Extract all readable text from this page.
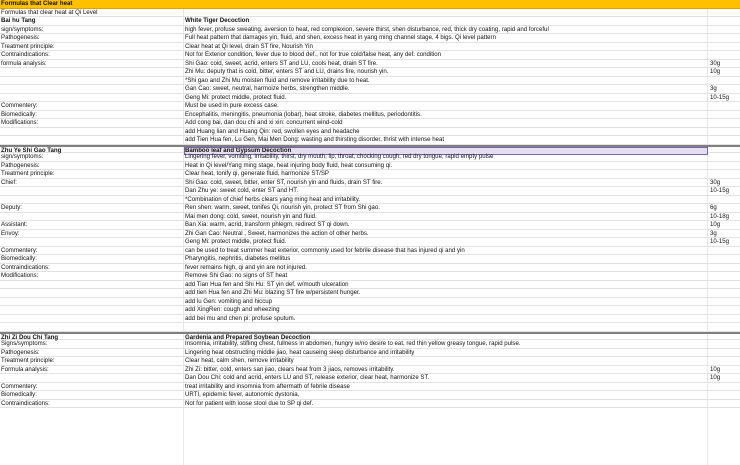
Formulas that Clear heat
Formulas that clear heat at Qi Level
Bai hu Tang	White Tiger Decoction
sign/symptoms:	high fever, profuse sweating, aversion to heat, red complexion, severe thirst, shen disturbance, red, thick dry coating, rapid and forceful
Pathogenesis:	Full heat pattern that damages yin, fluid, and shen, excess heat in yang ming channel stage, 4 bigs. Qi level pattern
Treatment principle:	Clear heat at Qi level, drain ST fire, Nourish Yin
Contraindications:	Not for Exterior condition, fever due to blood def., not for true cold/false heat, any def. condition
formula analysis:	Shi Gao: cold, sweet, acrid, enters ST and LU, cools heat, drain ST fire.	30g
Zhi Mu: deputy that is cold, bitter, enters ST and LU, drains fire, nourish yin.	10g
*Shi gao and Zhi Mu moisten fluid and remove irritability due to heat.
Gan Cao: sweet, neutral, harmoize herbs, strengthen middle.	3g
Geng Mi: protect middle, protect fluid.	10-15g
Commentery:	Must be used in pure excess case.
Biomedically:	Encephalitis, meningitis, pneumonia (lobar), heat stroke, diabetes mellitus, periodontitis.
Modifications:	Add cong bai, dan dou chi and xi xin: concurrent wind-cold
add Huang lian and Huang Qin: red, swollen eyes and headache
add Tien Hua fen, Lu Gen, Mai Men Dong: wasting and thirsting disorder, thrist with intense heat
Zhu Ye Shi Gao Tang	Bamboo leaf and Gypsum Decoction
sign/symptoms:	Lingering fever, vomiting, irritability, thirst, dry mouth, lip, throat, chocking cough, red dry tongue, rapid empty pulse
Pathogenesis:	Heat in Qi level/Yang ming stage, heat injuring body fluid, heat consuming qi.
Treatment principle:	Clear heat, tonify qi, generate fluid, harmonize ST/SP
Chief:	Shi Gao: cold, sweet, bitter, enter ST, nourish yin and fluids, drain ST fire.	30g
Dan Zhu ye: sweet cold, enter ST and HT.	10-15g
*Combination of chief herbs clears yang ming heat and irritability.
Deputy:	Ren shen: warm, sweet, tonifes Qi, nourish yin, protect ST from Shi gao.	6g
Mai men dong: cold, sweet, nourish yin and fluid.	10-18g
Assistant:	Ban Xia: warm, acrid, transform phlegm, redirect ST qi down.	10g
Envoy:	Zhi Gan Cao: Neutral , Sweet, harmonizes the action of other herbs.	3g
Geng Mi: protect middle, protect fluid.	10-15g
Commentery:	can be used to treat summer heat exterior, commonly used for febrile disease that has injured qi and yin
Biomedically:	Pharyngitis, nephritis, diabetes mellitus
Contraindications:	fever remains high, qi and yin are not injured.
Modifications:	Remove Shi Gao: no signs of ST heat
add Tian Hua fen and Shi Hu: ST yin def. w/mouth ulceration
add tien Hua fen and Zhi Mu: blazing ST fire w/persistent hunger.
add lu Gen: vomiting and hiccup
add XingRen: cough and wheezing
add bei mu and chen pi: profuse sputum.
Zhi Zi Dou Chi Tang	Gardenia and Prepared Soybean Decoction
Signs/symptoms:	Insomnia, irritability, stifling chest, fullness in abdomen, hungry w/no desire to eat, red thin yellow greasy tongue, rapid pulse.
Pathogenesis:	Lingering heat obstructing middle jiao, heat causeing sleep disturbance and irritability
Treatment principle:	Clear heat, calm shen, remove irritability
Formula analysis:	Zhi Zi: bitter, cold, enters san jiao, clears heat from 3 jiaos, removes irritability.	10g
Dan Dou Chi: cold and acrid, enters LU and ST, release exterior, clear heat, harmonize ST.	10g
Commentery:	treat irritability and insomnia from aftermath of febrile disease
Biomedically:	URTI, epidemic fever, autonomic dystonia,
Contraindications:	Not for patient with loose stool due to SP qi def.
